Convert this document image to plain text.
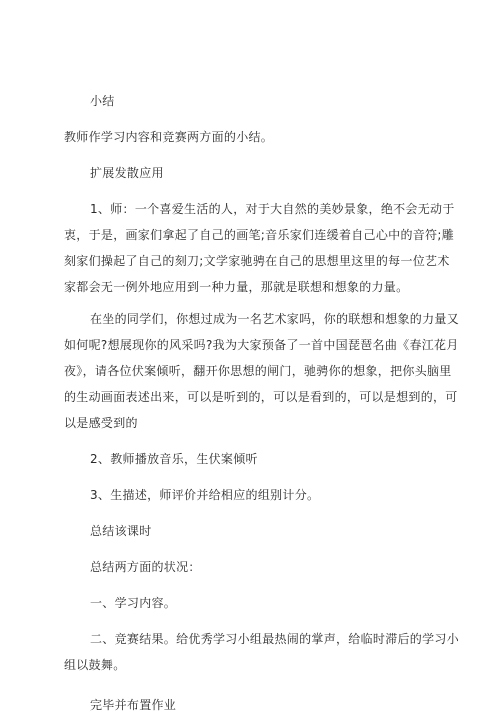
小结

教师作学习内容和竞赛两方面的小结。

扩展发散应用

1、师：一个喜爱生活的人，对于大自然的美妙景象，绝不会无动于

衷，于是，画家们拿起了自己的画笔;音乐家们连缓着自己心中的音符;雕

刻家们操起了自己的刻刀;文学家驰骋在自己的思想里这里的每一位艺术

家都会无一例外地应用到一种力量，那就是联想和想象的力量。

在坐的同学们，你想过成为一名艺术家吗，你的联想和想象的力量又

如何呢?想展现你的风采吗?我为大家预备了一首中国琵琶名曲《春江花月

夜》，请各位伏案倾听，翻开你思想的闸门，驰骋你的想象，把你头脑里

的生动画面表述出来，可以是听到的，可以是看到的，可以是想到的，可

以是感受到的

2、教师播放音乐，生伏案倾听

3、生描述，师评价并给相应的组别计分。

总结该课时

总结两方面的状况：

一、学习内容。

二、竞赛结果。给优秀学习小组最热闹的掌声，给临时滞后的学习小

组以鼓舞。

完毕并布置作业
